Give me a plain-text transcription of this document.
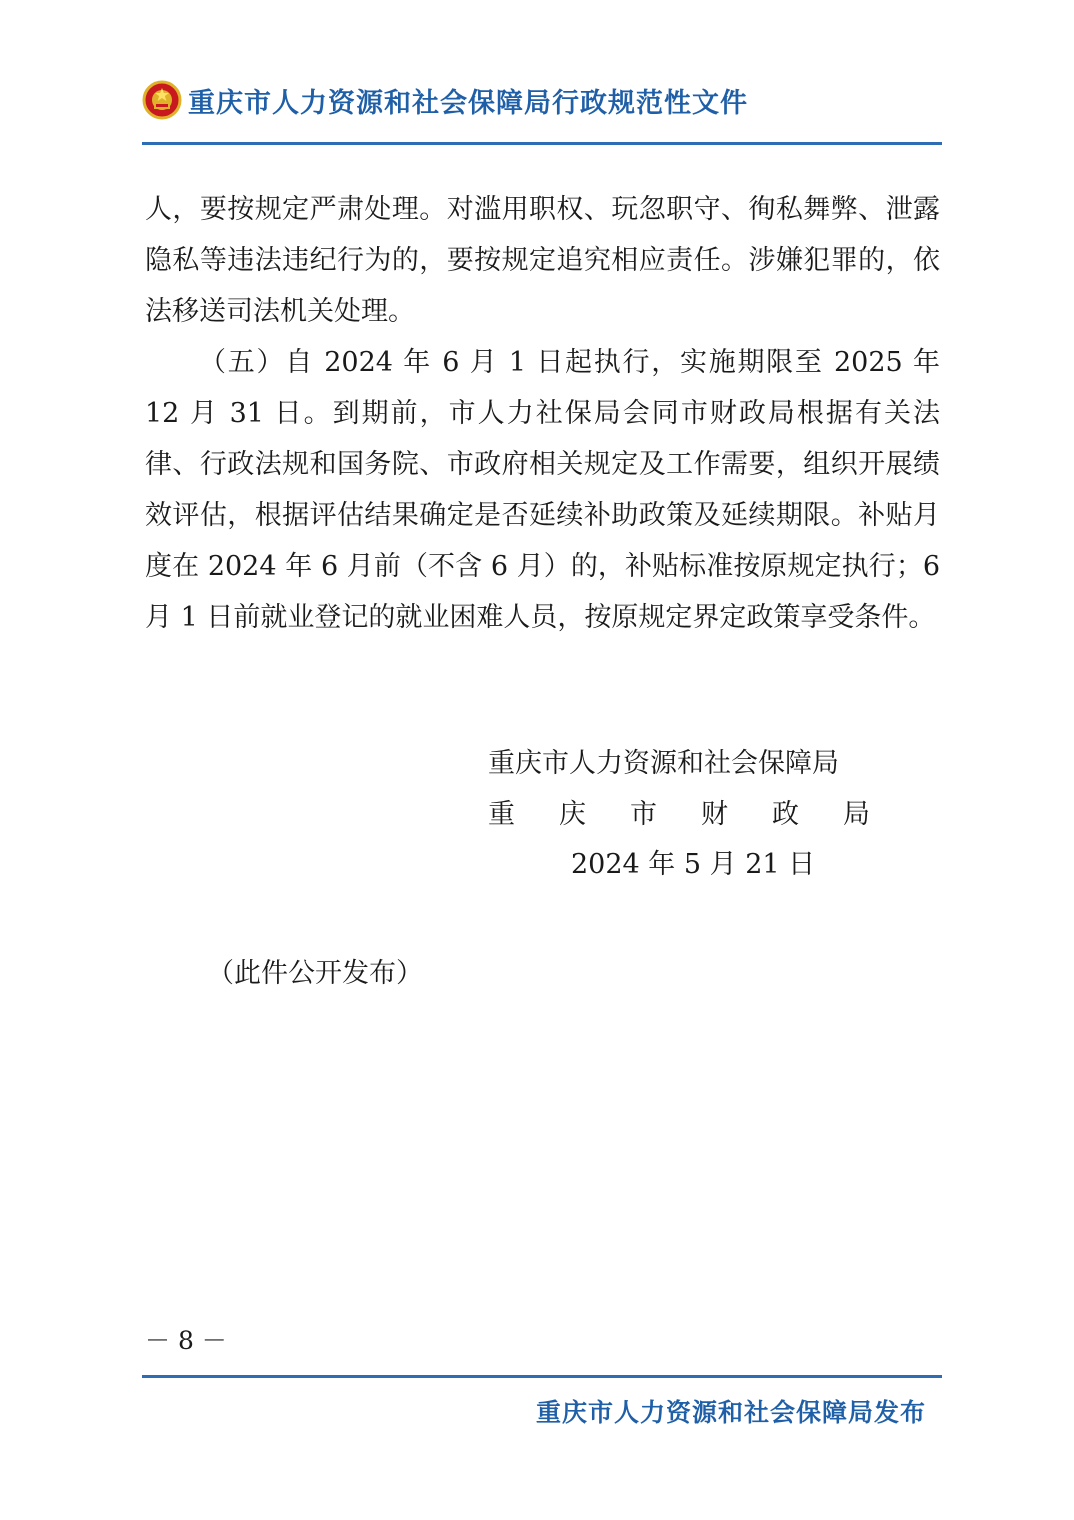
重庆市人力资源和社会保障局行政规范性文件

人，要按规定严肃处理。对滥用职权、玩忽职守、徇私舞弊、泄露隐私等违法违纪行为的，要按规定追究相应责任。涉嫌犯罪的，依法移送司法机关处理。

（五）自 2024 年 6 月 1 日起执行，实施期限至 2025 年 12 月 31 日。到期前，市人力社保局会同市财政局根据有关法律、行政法规和国务院、市政府相关规定及工作需要，组织开展绩效评估，根据评估结果确定是否延续补助政策及延续期限。补贴月度在 2024 年 6 月前（不含 6 月）的，补贴标准按原规定执行；6 月 1 日前就业登记的就业困难人员，按原规定界定政策享受条件。

重庆市人力资源和社会保障局
重 庆 市 财 政 局
2024 年 5 月 21 日
（此件公开发布）
－ 8 －
重庆市人力资源和社会保障局发布
